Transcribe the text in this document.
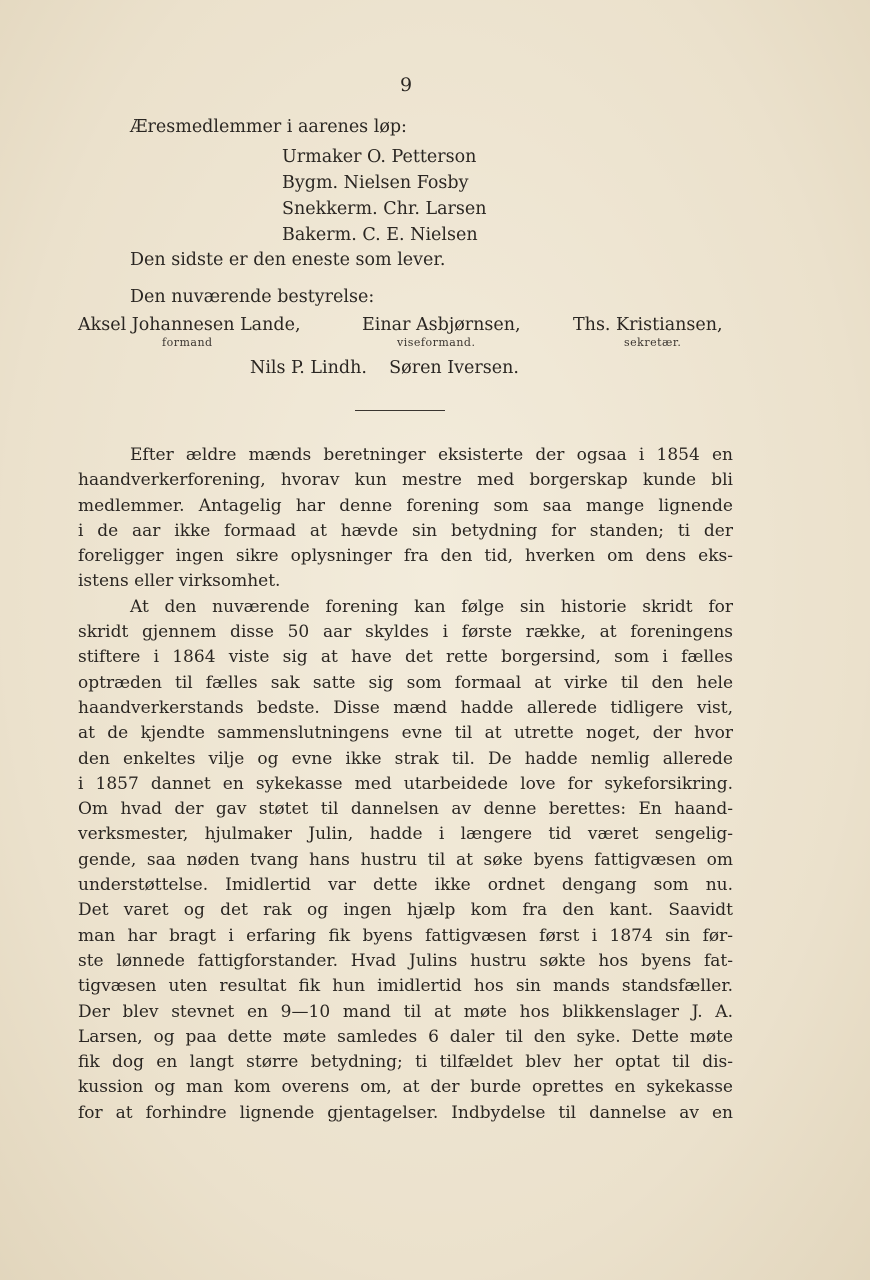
9
Æresmedlemmer i aarenes løp:
Urmaker O. Petterson
Bygm. Nielsen Fosby
Snekkerm. Chr. Larsen
Bakerm. C. E. Nielsen
Den sidste er den eneste som lever.
Den nuværende bestyrelse:
Aksel Johannesen Lande,
formand
Einar Asbjørnsen,
viseformand.
Ths. Kristiansen,
sekretær.
Nils P. Lindh.    Søren Iversen.
Efter ældre mænds beretninger eksisterte der ogsaa i 1854 en
haandverkerforening, hvorav kun mestre med borgerskap kunde bli
medlemmer. Antagelig har denne forening som saa mange lignende
i de aar ikke formaad at hævde sin betydning for standen; ti der
foreligger ingen sikre oplysninger fra den tid, hverken om dens eks-
istens eller virksomhet.
At den nuværende forening kan følge sin historie skridt for
skridt gjennem disse 50 aar skyldes i første række, at foreningens
stiftere i 1864 viste sig at have det rette borgersind, som i fælles
optræden til fælles sak satte sig som formaal at virke til den hele
haandverkerstands bedste. Disse mænd hadde allerede tidligere vist,
at de kjendte sammenslutningens evne til at utrette noget, der hvor
den enkeltes vilje og evne ikke strak til. De hadde nemlig allerede
i 1857 dannet en sykekasse med utarbeidede love for sykeforsikring.
Om hvad der gav støtet til dannelsen av denne berettes: En haand-
verksmester, hjulmaker Julin, hadde i længere tid været sengelig-
gende, saa nøden tvang hans hustru til at søke byens fattigvæsen om
understøttelse. Imidlertid var dette ikke ordnet dengang som nu.
Det varet og det rak og ingen hjælp kom fra den kant. Saavidt
man har bragt i erfaring fik byens fattigvæsen først i 1874 sin før-
ste lønnede fattigforstander. Hvad Julins hustru søkte hos byens fat-
tigvæsen uten resultat fik hun imidlertid hos sin mands standsfæller.
Der blev stevnet en 9—10 mand til at møte hos blikkenslager J. A.
Larsen, og paa dette møte samledes 6 daler til den syke. Dette møte
fik dog en langt større betydning; ti tilfældet blev her optat til dis-
kussion og man kom overens om, at der burde oprettes en sykekasse
for at forhindre lignende gjentagelser. Indbydelse til dannelse av en
